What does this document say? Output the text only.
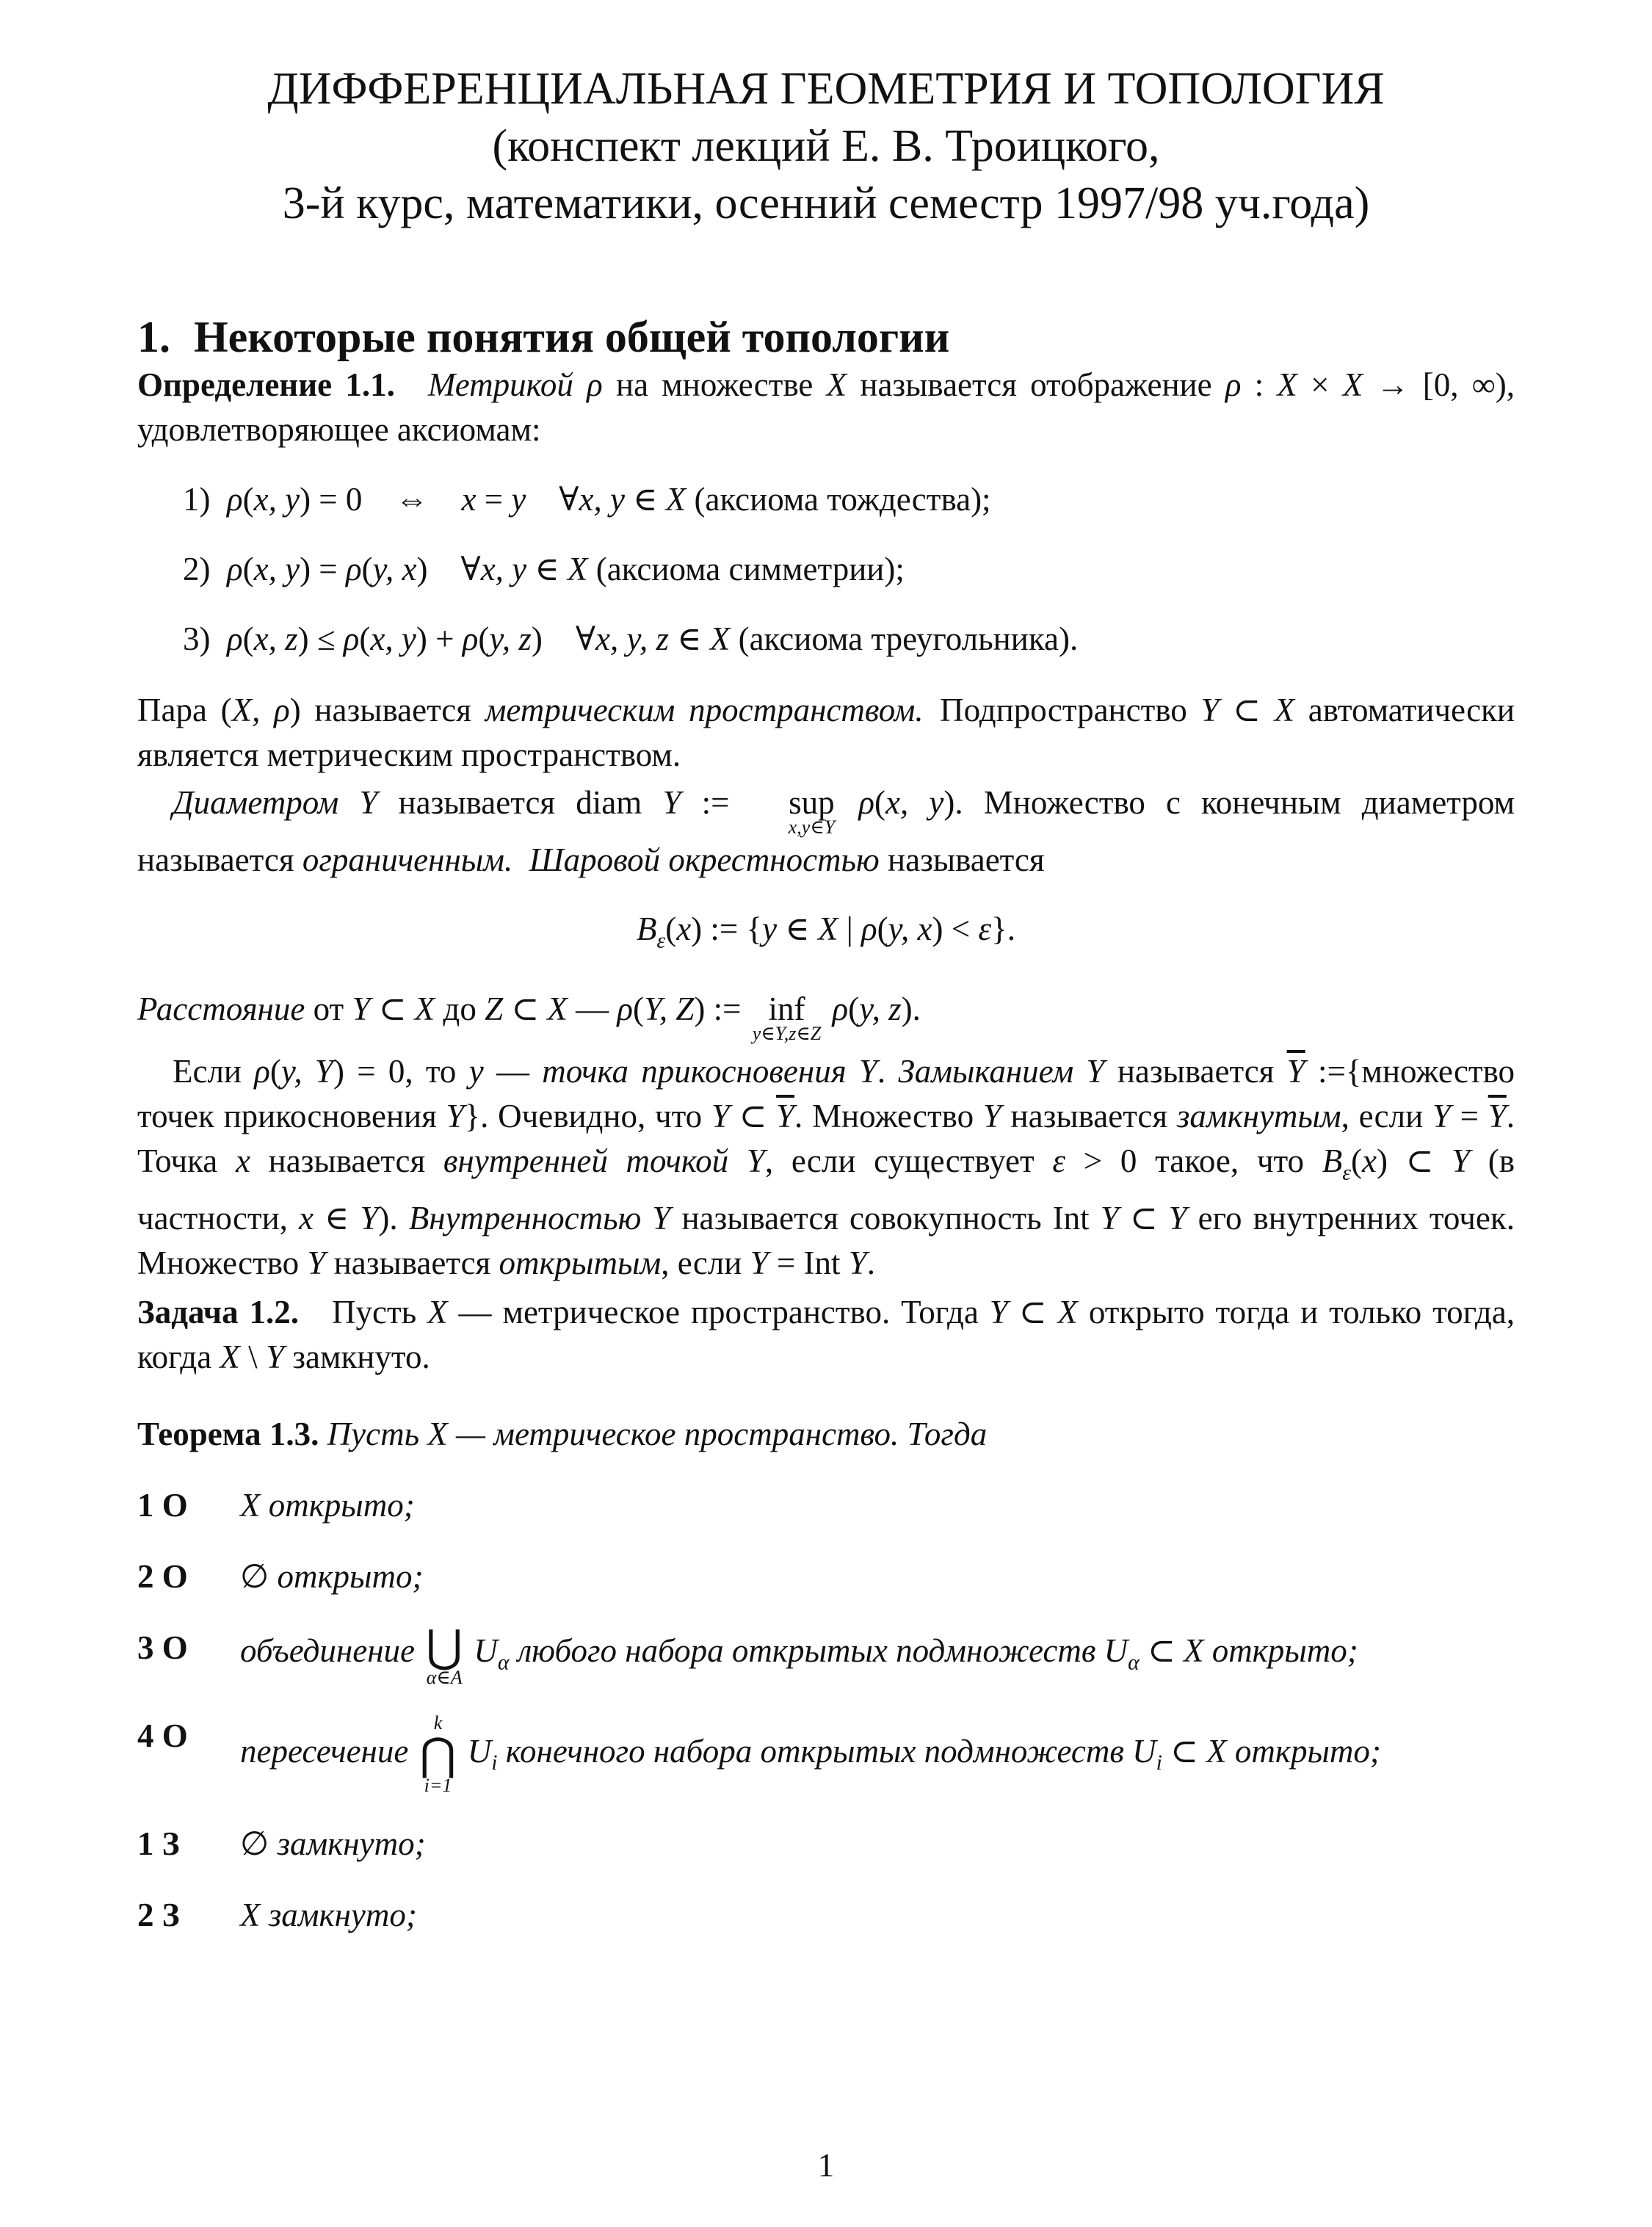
ДИФФЕРЕНЦИАЛЬНАЯ ГЕОМЕТРИЯ И ТОПОЛОГИЯ
(конспект лекций Е. В. Троицкого,
3-й курс, математики, осенний семестр 1997/98 уч.года)
1. Некоторые понятия общей топологии

Определение 1.1.   Метрикой ρ на множестве X называется отображение ρ : X × X → [0, ∞), удовлетворяющее аксиомам:

1) ρ(x, y) = 0  ⇔  x = y  ∀x, y ∈ X (аксиома тождества);

2) ρ(x, y) = ρ(y, x)  ∀x, y ∈ X (аксиома симметрии);

3) ρ(x, z) ≤ ρ(x, y) + ρ(y, z)  ∀x, y, z ∈ X (аксиома треугольника).

Пара (X, ρ) называется метрическим пространством. Подпространство Y ⊂ X автоматически является метрическим пространством.

Диаметром Y называется diam Y :=	sup
x,y∈Y
ρ(x, y). Множество с конечным диаметром называется ограниченным.  Шаровой окрестностью называется

$B_\varepsilon(x)$ := {y ∈ X | ρ(y, x) < ε}.

Расстояние от Y ⊂ X до Z ⊂ X — ρ(Y, Z) := inf
y∈Y,z∈Z
ρ(y, z).

Если ρ(y, Y) = 0, то y — точка прикосновения Y. Замыканием Y называется $\overline{Y}$ :={множество точек прикосновения Y}. Очевидно, что Y ⊂ $\overline{Y}$. Множество Y называется замкнутым, если $Y = \overline{Y}$. Точка x называется внутренней точкой Y, если существует ε > 0 такое, что $B_\varepsilon(x)$ ⊂ Y (в частности, x ∈ Y). Внутренностью Y называется совокупность Int Y ⊂ Y его внутренних точек. Множество Y называется открытым, если Y = Int Y.

Задача 1.2.  Пусть X — метрическое пространство. Тогда Y ⊂ X открыто тогда и только тогда, когда X \ Y замкнуто.

Теорема 1.3. Пусть X — метрическое пространство. Тогда

1 О	X открыто;
2 О	∅ открыто;
3 О	объединение ⋃
α∈A
$U_\alpha$ любого набора открытых подмножеств $U_\alpha$ ⊂ X открыто;
4 О	пересечение
k
⋂
i=1
$U_i$ конечного набора открытых подмножеств $U_i$ ⊂ X открыто;
1 З	∅ замкнуто;
2 З	X замкнуто;
1
